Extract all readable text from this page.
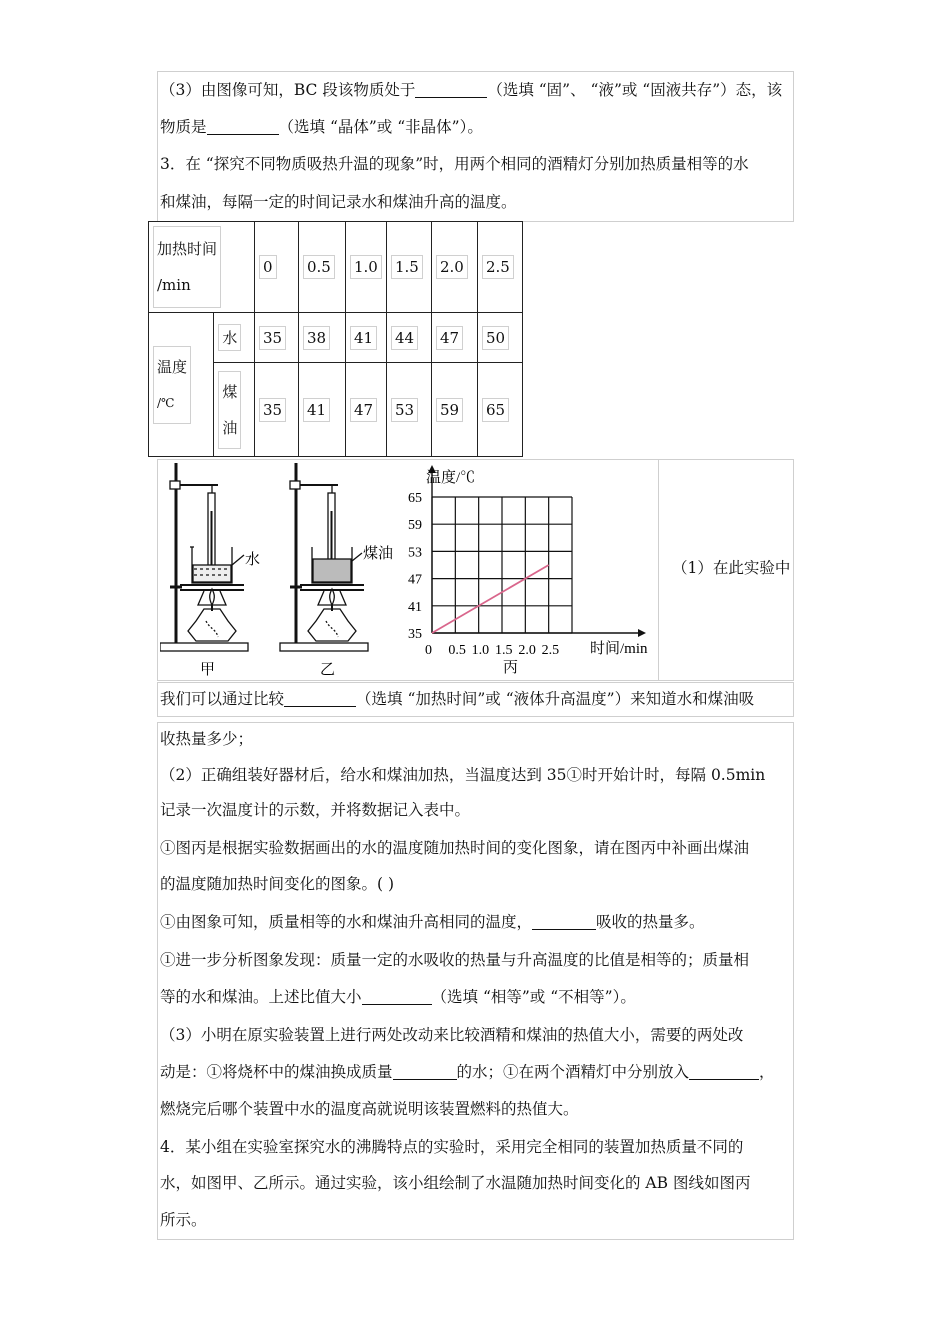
（3）由图像可知，BC 段该物质处于	（选填 “固”、 “液”或 “固液共存”）态，该
物质是	（选填 “晶体”或 “非晶体”）。
3．在 “探究不同物质吸热升温的现象”时，用两个相同的酒精灯分别加热质量相等的水
和煤油，每隔一定的时间记录水和煤油升高的温度。
加热时间
/min		0	0.5	1.0	1.5	2.0	2.5

温度
/℃	水	35	38	41	44	47	50

	煤
油	35	41	47	53	59	65
水
甲
煤油
乙
0 0.5 1.0 1.5 2.0 2.5
35
41
47
53
59
65
温度/℃
时间/min
丙
（1）在此实验中
我们可以通过比较	（选填 “加热时间”或 “液体升高温度”）来知道水和煤油吸
收热量多少；
（2）正确组装好器材后，给水和煤油加热，当温度达到 35①时开始计时，每隔 0.5min
记录一次温度计的示数，并将数据记入表中。
①图丙是根据实验数据画出的水的温度随加热时间的变化图象，请在图丙中补画出煤油
的温度随加热时间变化的图象。( )
①由图象可知，质量相等的水和煤油升高相同的温度，	吸收的热量多。
①进一步分析图象发现：质量一定的水吸收的热量与升高温度的比值是相等的；质量相
等的水和煤油。上述比值大小	（选填 “相等”或 “不相等”）。
（3）小明在原实验装置上进行两处改动来比较酒精和煤油的热值大小，需要的两处改
动是：①将烧杯中的煤油换成质量	的水；①在两个酒精灯中分别放入	，
燃烧完后哪个装置中水的温度高就说明该装置燃料的热值大。
4．某小组在实验室探究水的沸腾特点的实验时，采用完全相同的装置加热质量不同的
水，如图甲、乙所示。通过实验，该小组绘制了水温随加热时间变化的 AB 图线如图丙
所示。
